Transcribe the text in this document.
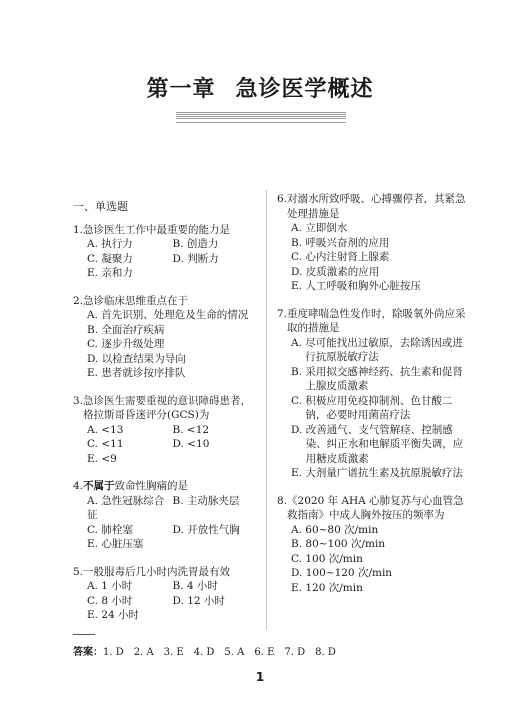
第一章 急诊医学概述
一、单选题
1. 急诊医生工作中最重要的能力是
A. 执行力	B. 创造力
C. 凝聚力	D. 判断力
E. 亲和力
2. 急诊临床思维重点在于
A.
首先识别、处理危及生命的情况
B.
全面治疗疾病
C.
逐步升级处理
D.
以检查结果为导向
E.
患者就诊按序排队
3. 急诊医生需要重视的意识障碍患者，格拉斯哥昏迷评分(GCS)为
A. <13	B. <12
C. <11	D. <10
E. <9
4. 不属于致命性胸痛的是
A. 急性冠脉综合征
B. 主动脉夹层
C. 肺栓塞	D. 开放性气胸
E. 心脏压塞
5. 一般服毒后几小时内洗胃最有效
A. 1 小时	B. 4 小时
C. 8 小时	D. 12 小时
E. 24 小时
6. 对溺水所致呼吸、心搏骤停者，其紧急处理措施是
A.
立即倒水
B.
呼吸兴奋剂的应用
C.
心内注射肾上腺素
D.
皮质激素的应用
E.
人工呼吸和胸外心脏按压
7. 重度哮喘急性发作时，除吸氧外尚应采取的措施是
A.
尽可能找出过敏原，去除诱因或进行抗原脱敏疗法
B.
采用拟交感神经药、抗生素和促肾上腺皮质激素
C.
积极应用免疫抑制剂、色甘酸二钠，必要时用菌苗疗法
D.
改善通气、支气管解痉、控制感染、纠正水和电解质平衡失调，应用糖皮质激素
E.
大剂量广谱抗生素及抗原脱敏疗法
8. 《2020 年 AHA 心肺复苏与心血管急救指南》中成人胸外按压的频率为
A.
60~80 次/min
B.
80~100 次/min
C.
100 次/min
D.
100~120 次/min
E.
120 次/min
答案：1. D　2. A　3. E　4. D　5. A　6. E　7. D　8. D
1
